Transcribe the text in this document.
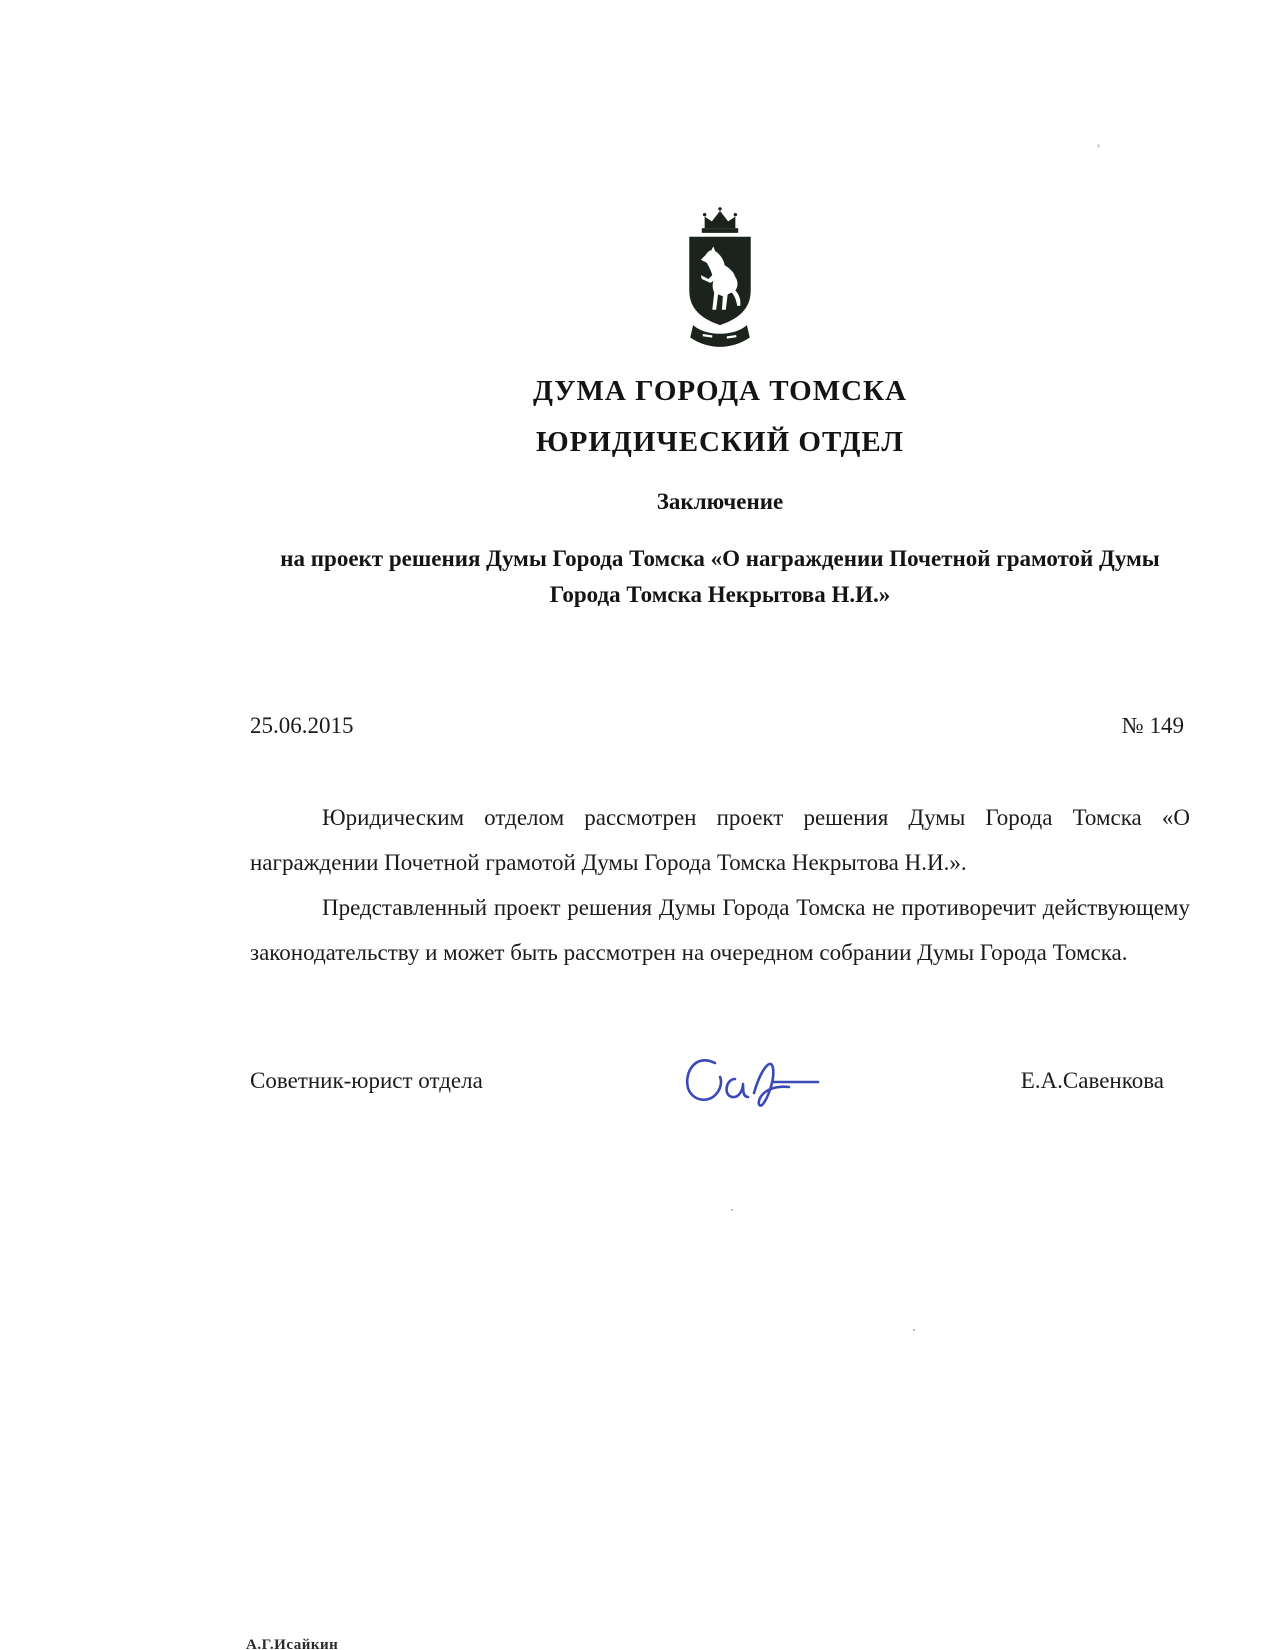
’
·
·
ДУМА ГОРОДА ТОМСКА
ЮРИДИЧЕСКИЙ ОТДЕЛ
Заключение
на проект решения Думы Города Томска «О награждении Почетной грамотой Думы Города Томска Некрытова Н.И.»
25.06.2015	№ 149

Юридическим отделом рассмотрен проект решения Думы Города Томска «О награждении Почетной грамотой Думы Города Томска Некрытова Н.И.».

Представленный проект решения Думы Города Томска не противоречит действующему законодательству и может быть рассмотрен на очередном собрании Думы Города Томска.

Советник-юрист отдела	Е.А.Савенкова
А.Г.Исайкин
